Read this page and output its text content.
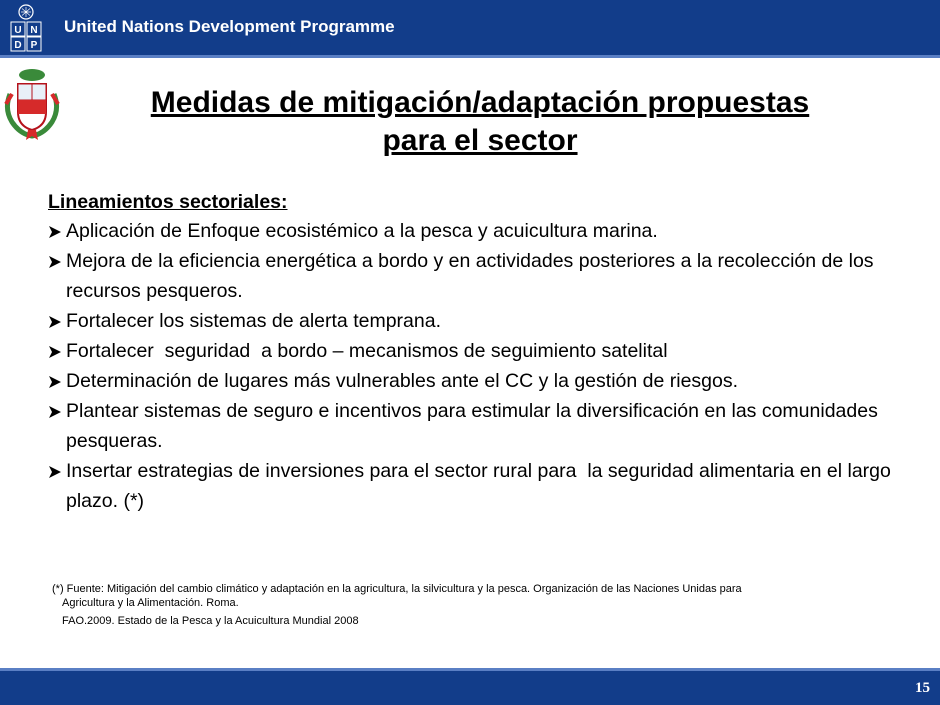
U N
D P
United Nations Development Programme
Medidas de mitigación/adaptación propuestas
para el sector
Lineamientos sectoriales:
Aplicación de Enfoque ecosistémico a la pesca y acuicultura marina.
Mejora de la eficiencia energética a bordo y en actividades posteriores a la recolección de los recursos pesqueros.
Fortalecer los sistemas de alerta temprana.
Fortalecer  seguridad  a bordo – mecanismos de seguimiento satelital
Determinación de lugares más vulnerables ante el CC y la gestión de riesgos.
Plantear sistemas de seguro e incentivos para estimular la diversificación en las comunidades pesqueras.
Insertar estrategias de inversiones para el sector rural para  la seguridad alimentaria en el largo plazo. (*)
(*) Fuente: Mitigación del cambio climático y adaptación en la agricultura, la silvicultura y la pesca. Organización de las Naciones Unidas para
Agricultura y la Alimentación. Roma.
FAO.2009. Estado de la Pesca y la Acuicultura Mundial 2008
15
